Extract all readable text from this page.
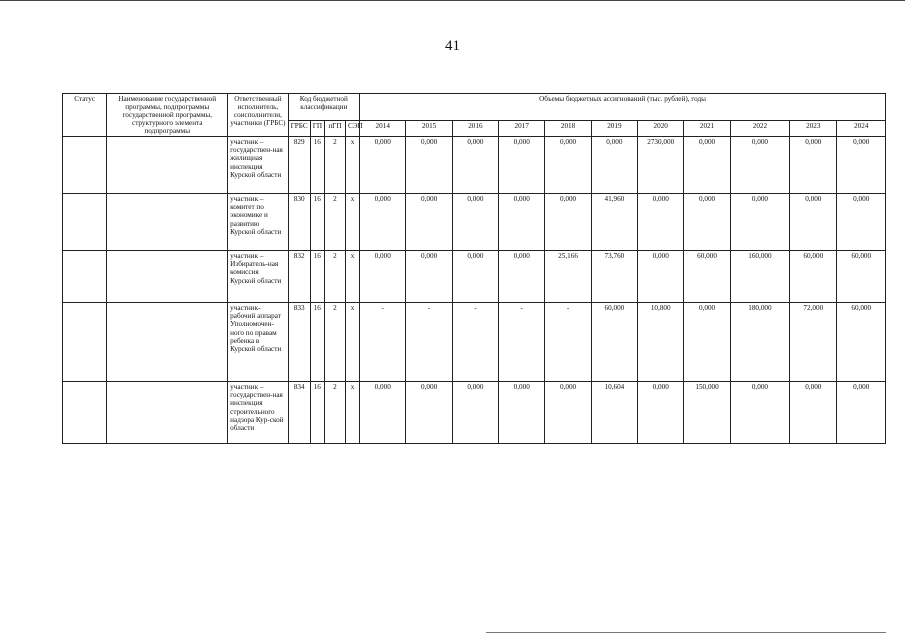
41
Статус	Наименование государственной программы, подпрограммы государственной программы, структурного элемента подпрограммы	Ответственный исполнитель, соисполнители, участники (ГРБС)	Код бюджетной классификации				Объемы бюджетных ассигнований (тыс. рублей), годы										
			ГРБС	ГП	пГП	СЭП	2014	2015	2016	2017	2018	2019	2020	2021	2022	2023	2024
		участник – государствен-ная жилищная инспекция Курской области	829	16	2	х	0,000	0,000	0,000	0,000	0,000	0,000	2730,000	0,000	0,000	0,000	0,000
		участник – комитет по экономике и развитию Курской области	830	16	2	х	0,000	0,000	0,000	0,000	0,000	41,960	0,000	0,000	0,000	0,000	0,000
		участник – Избиратель-ная комиссия Курской области	832	16	2	х	0,000	0,000	0,000	0,000	25,166	73,760	0,000	60,000	160,000	60,000	60,000
		участник-рабочий аппарат Уполномочен-ного по правам ребенка в Курской области	833	16	2	х	-	-	-	-	-	60,000	10,800	0,000	180,000	72,000	60,000
		участник – государствен-ная инспекция строительного надзора Кур-ской области	834	16	2	х	0,000	0,000	0,000	0,000	0,000	10,604	0,000	150,000	0,000	0,000	0,000
